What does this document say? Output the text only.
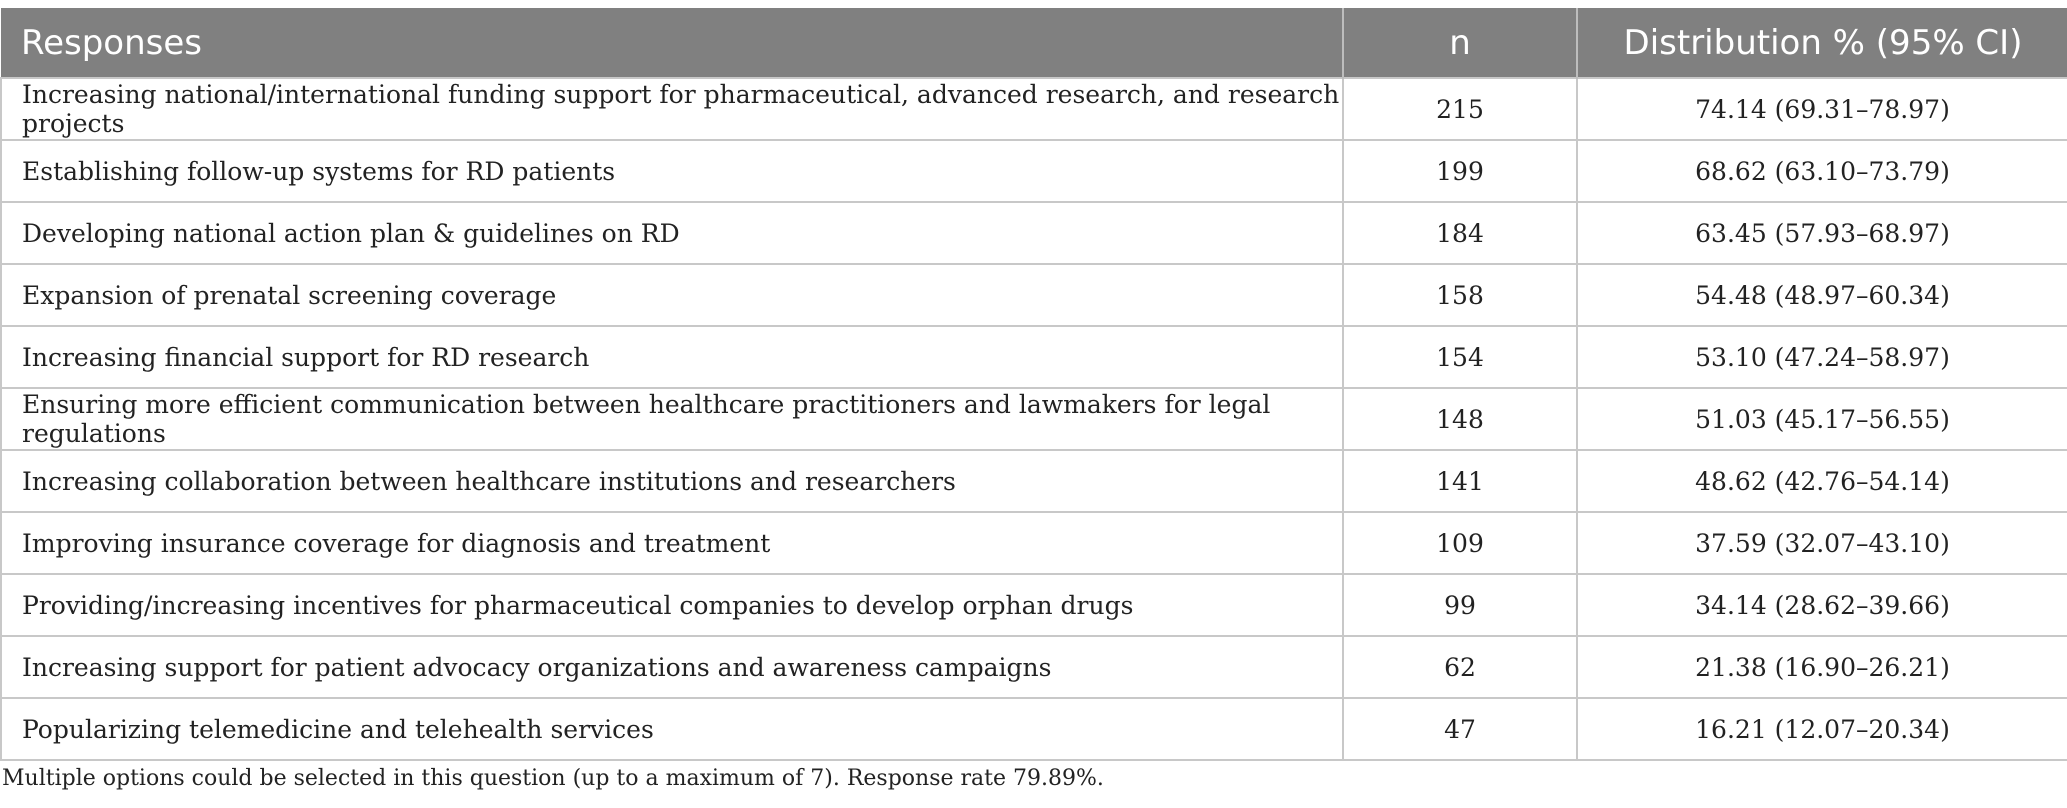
Responses	n	Distribution % (95% CI)
Increasing national/international funding support for pharmaceutical, advanced research, and research projects	215	74.14 (69.31–78.97)
Establishing follow-up systems for RD patients	199	68.62 (63.10–73.79)
Developing national action plan & guidelines on RD	184	63.45 (57.93–68.97)
Expansion of prenatal screening coverage	158	54.48 (48.97–60.34)
Increasing financial support for RD research	154	53.10 (47.24–58.97)
Ensuring more efficient communication between healthcare practitioners and lawmakers for legal regulations	148	51.03 (45.17–56.55)
Increasing collaboration between healthcare institutions and researchers	141	48.62 (42.76–54.14)
Improving insurance coverage for diagnosis and treatment	109	37.59 (32.07–43.10)
Providing/increasing incentives for pharmaceutical companies to develop orphan drugs	99	34.14 (28.62–39.66)
Increasing support for patient advocacy organizations and awareness campaigns	62	21.38 (16.90–26.21)
Popularizing telemedicine and telehealth services	47	16.21 (12.07–20.34)

Multiple options could be selected in this question (up to a maximum of 7). Response rate 79.89%.
